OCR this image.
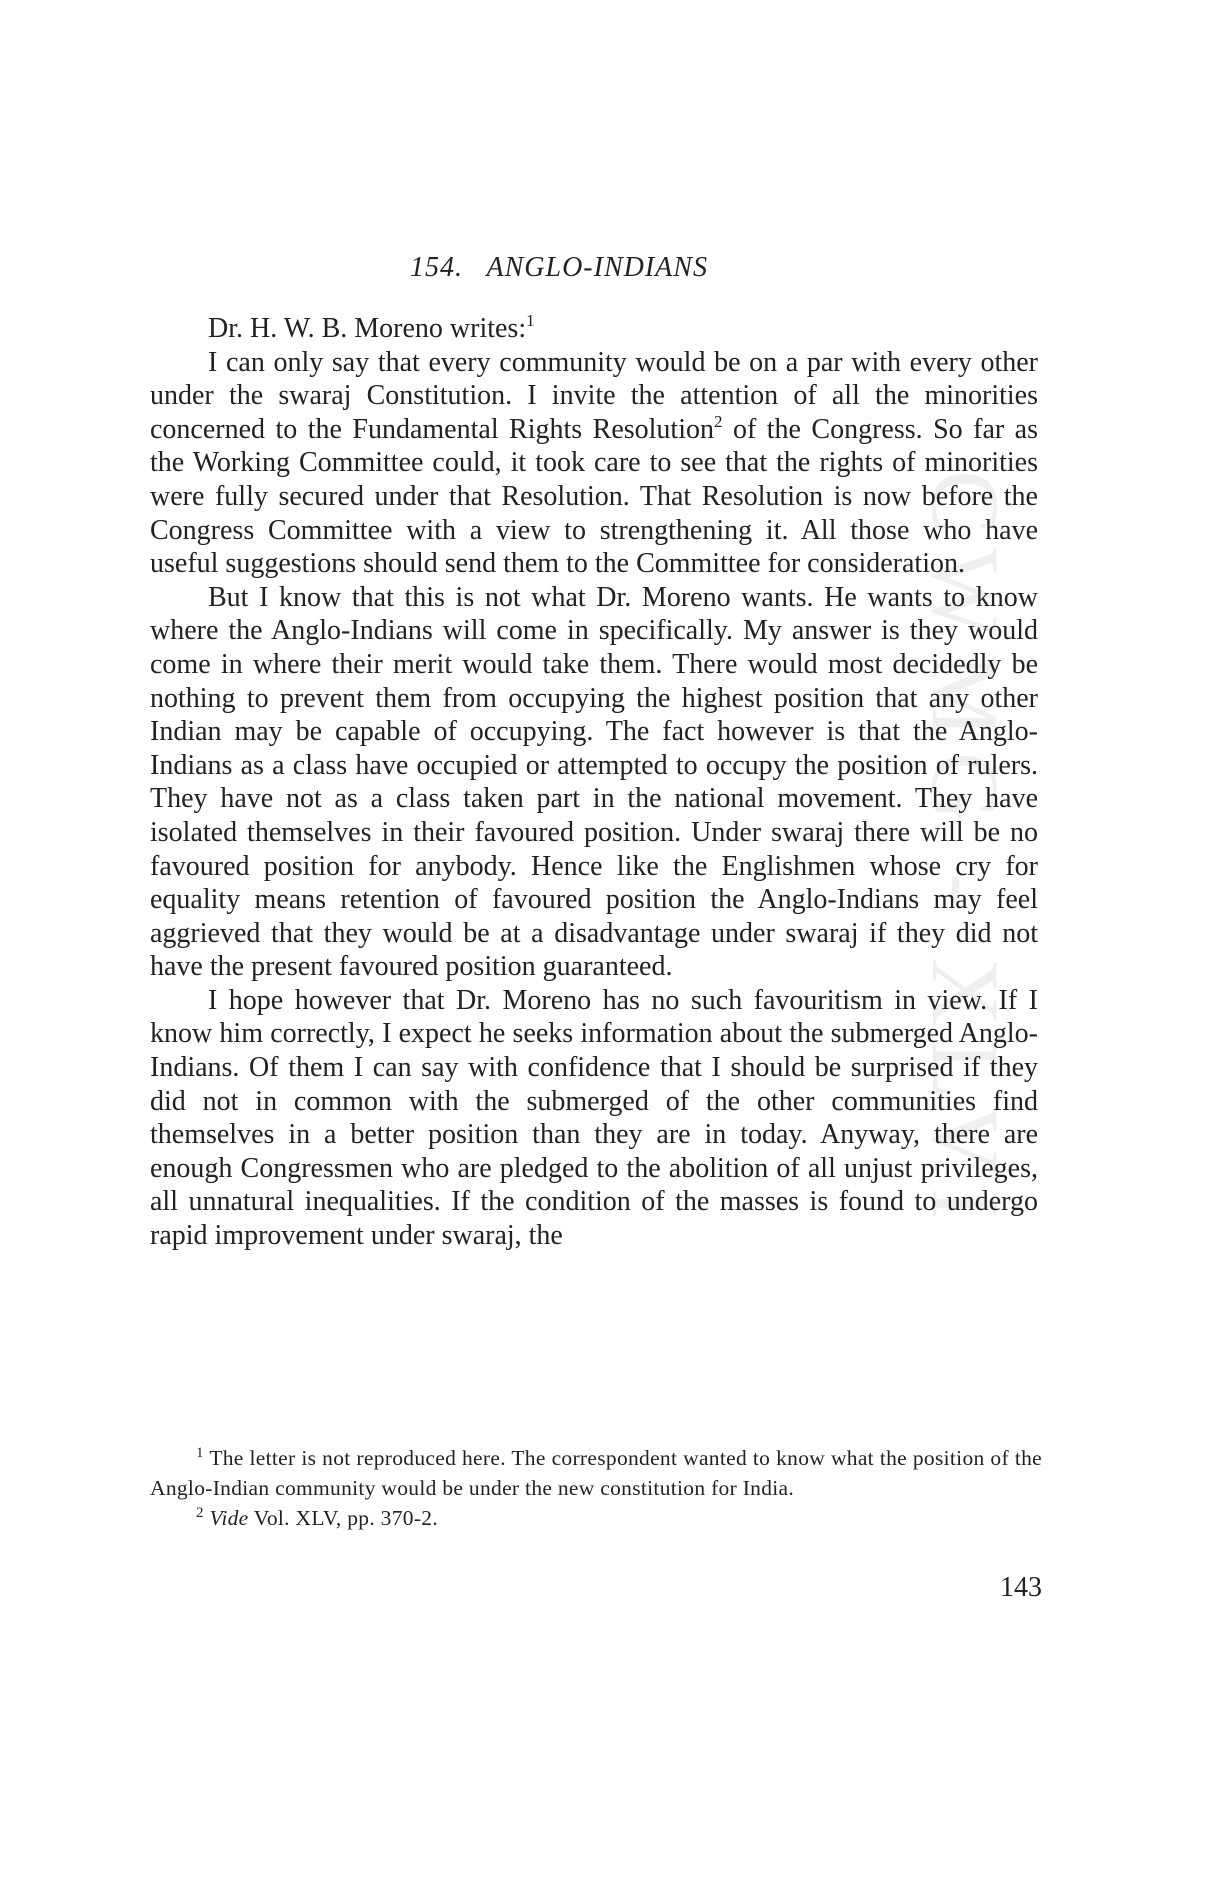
CWMG - XLVI
154. ANGLO-INDIANS

Dr. H. W. B. Moreno writes:$^1$

I can only say that every community would be on a par with every other under the swaraj Constitution. I invite the attention of all the minorities concerned to the Fundamental Rights Resolution$^2$ of the Congress. So far as the Working Committee could, it took care to see that the rights of minorities were fully secured under that Resolution. That Resolution is now before the Congress Committee with a view to strengthening it. All those who have useful suggestions should send them to the Committee for consideration.

But I know that this is not what Dr. Moreno wants. He wants to know where the Anglo-Indians will come in specifically. My answer is they would come in where their merit would take them. There would most decidedly be nothing to prevent them from occupying the highest position that any other Indian may be capable of occupying. The fact however is that the Anglo-Indians as a class have occupied or attempted to occupy the position of rulers. They have not as a class taken part in the national movement. They have isolated themselves in their favoured position. Under swaraj there will be no favoured position for anybody. Hence like the Englishmen whose cry for equality means retention of favoured position the Anglo-Indians may feel aggrieved that they would be at a disadvantage under swaraj if they did not have the present favoured position guaranteed.

I hope however that Dr. Moreno has no such favouritism in view. If I know him correctly, I expect he seeks information about the submerged Anglo-Indians. Of them I can say with confidence that I should be surprised if they did not in common with the submerged of the other communities find themselves in a better position than they are in today. Anyway, there are enough Congressmen who are pledged to the abolition of all unjust privileges, all unnatural inequalities. If the condition of the masses is found to undergo rapid improvement under swaraj, the

$^1$ The letter is not reproduced here. The correspondent wanted to know what the position of the Anglo-Indian community would be under the new constitution for India.

$^2$ Vide Vol. XLV, pp. 370-2.

143
